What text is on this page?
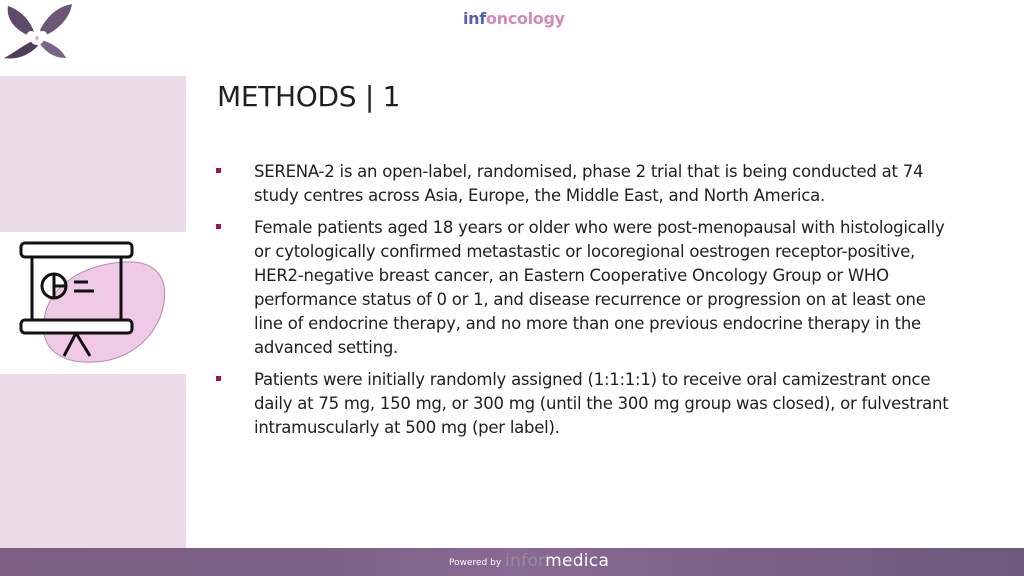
infoncology
METHODS | 1
SERENA-2 is an open-label, randomised, phase 2 trial that is being conducted at 74 study centres across Asia, Europe, the Middle East, and North America.
Female patients aged 18 years or older who were post-menopausal with histologically or cytologically confirmed metastastic or locoregional oestrogen receptor-positive, HER2-negative breast cancer, an Eastern Cooperative Oncology Group or WHO performance status of 0 or 1, and disease recurrence or progression on at least one line of endocrine therapy, and no more than one previous endocrine therapy in the advanced setting.
Patients were initially randomly assigned (1:1:1:1) to receive oral camizestrant once daily at 75 mg, 150 mg, or 300 mg (until the 300 mg group was closed), or fulvestrant intramuscularly at 500 mg (per label).
Powered by informedica
